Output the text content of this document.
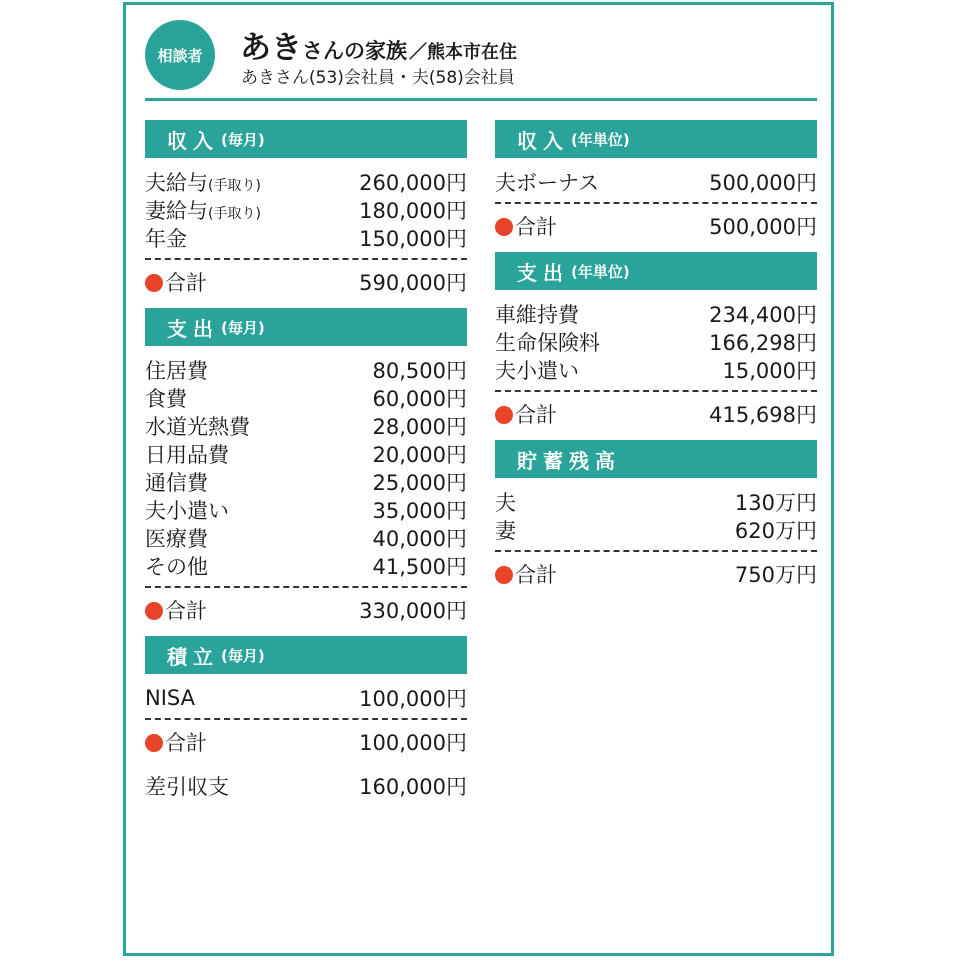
相談者 あきさんの家族 ／熊本市在住
あきさん(53)会社員・夫(58)会社員
収入 (毎月)
夫給与(手取り)	260,000円
妻給与(手取り)	180,000円
年金	150,000円
合計	590,000円
支出 (毎月)
住居費	80,500円
食費	60,000円
水道光熱費	28,000円
日用品費	20,000円
通信費	25,000円
夫小遣い	35,000円
医療費	40,000円
その他	41,500円
合計	330,000円
積立 (毎月)
NISA	100,000円
合計	100,000円
差引収支	160,000円
収入 (年単位)
夫ボーナス	500,000円
合計	500,000円
支出 (年単位)
車維持費	234,400円
生命保険料	166,298円
夫小遣い	15,000円
合計	415,698円
貯蓄残高
夫	130万円
妻	620万円
合計	750万円
